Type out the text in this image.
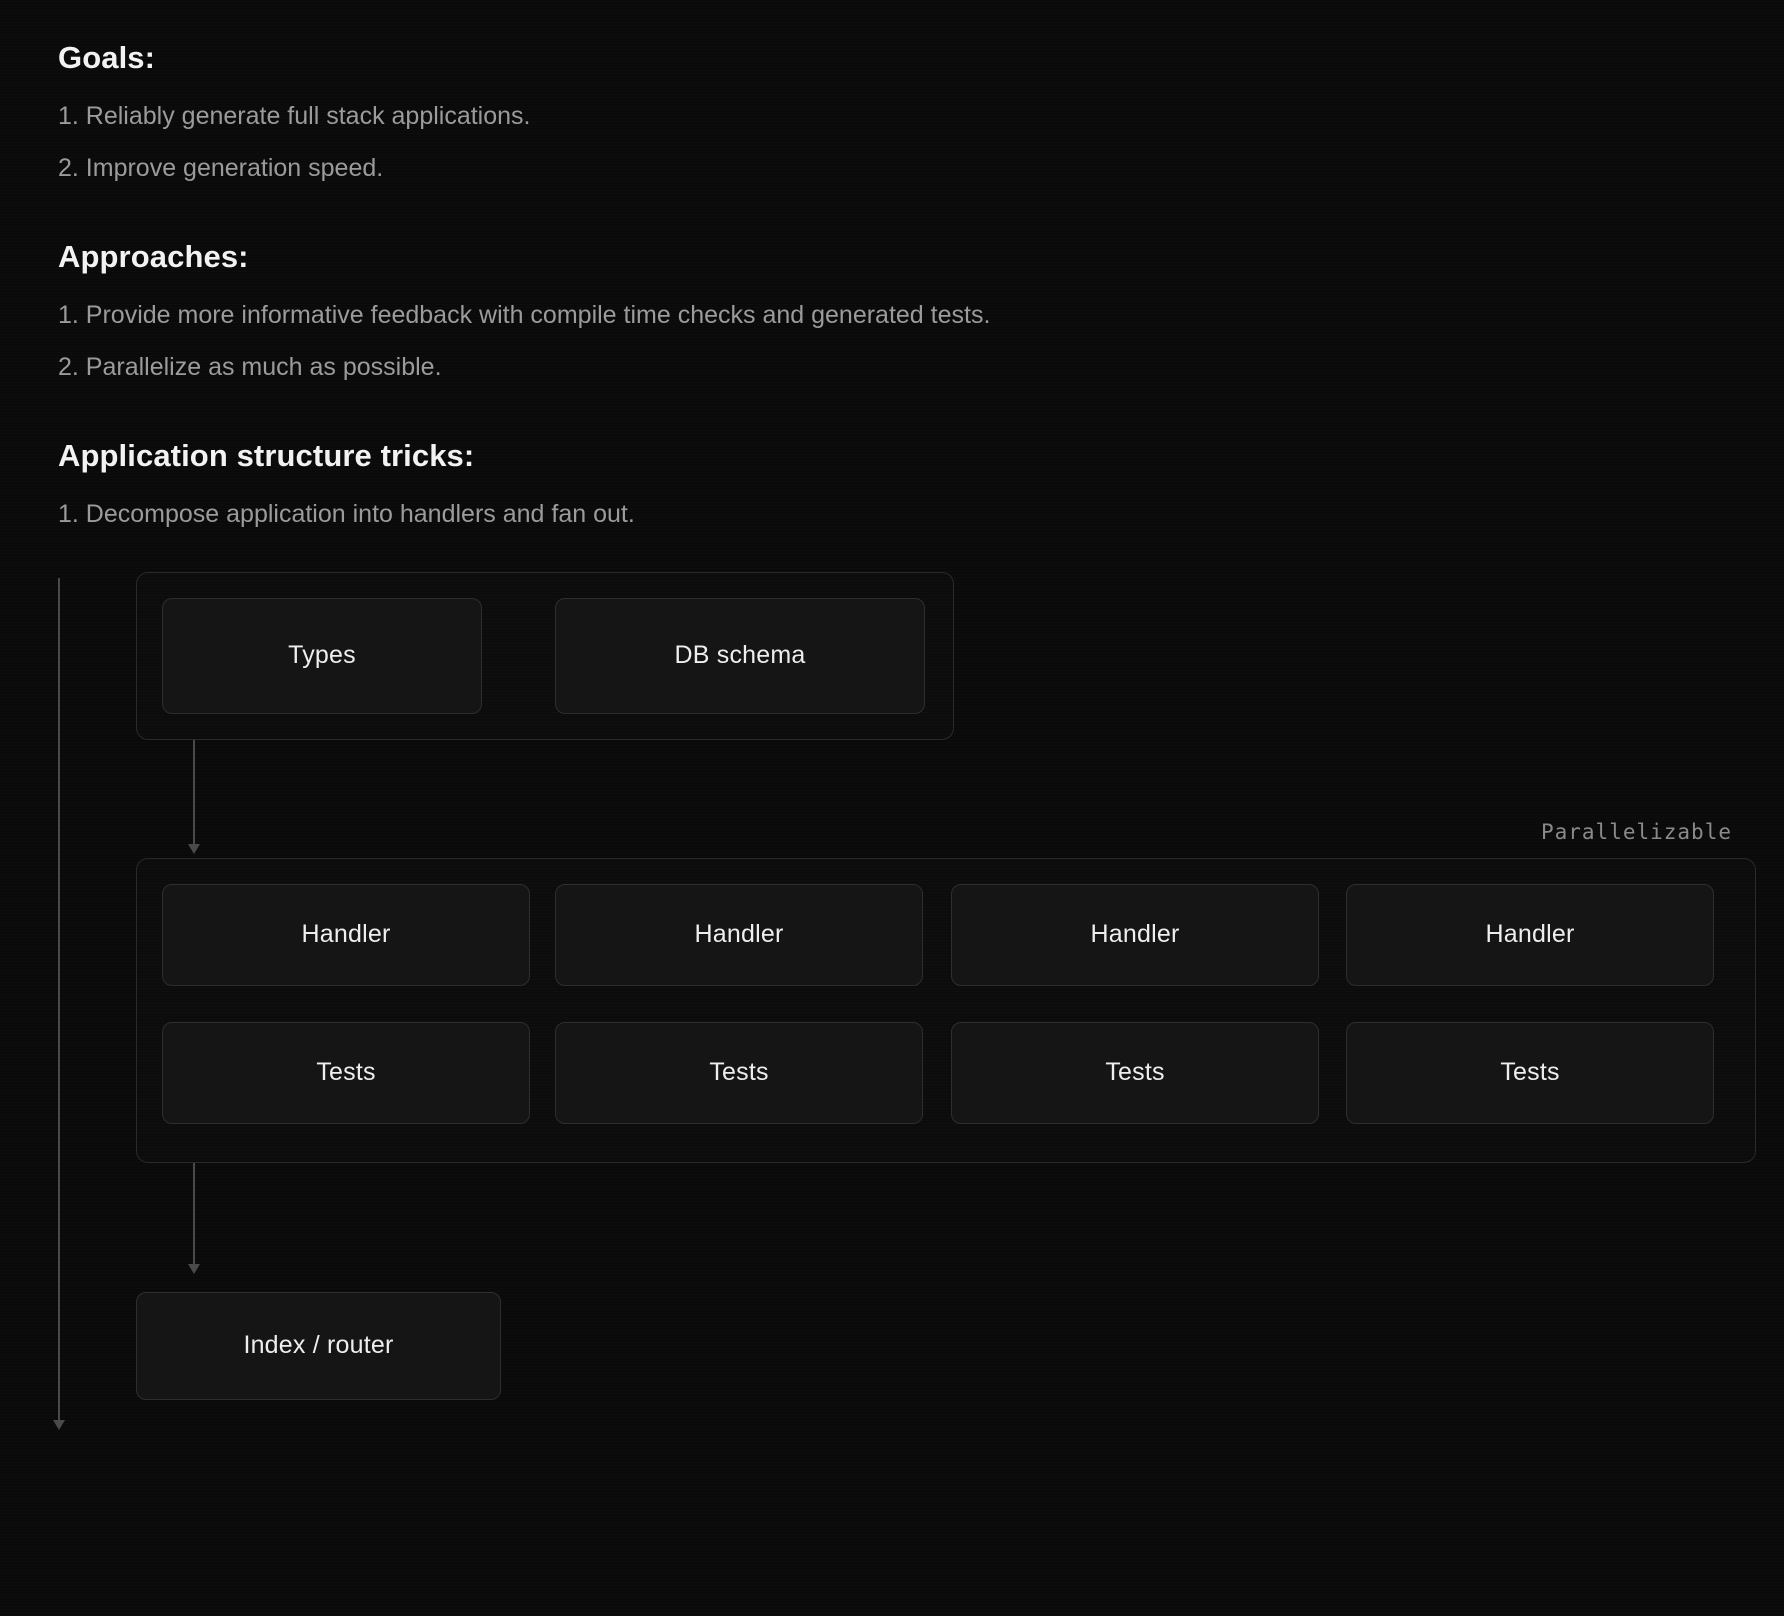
Goals:

1. Reliably generate full stack applications.

2. Improve generation speed.

Approaches:

1. Provide more informative feedback with compile time checks and generated tests.

2. Parallelize as much as possible.

Application structure tricks:

1. Decompose application into handlers and fan out.

Types	DB schema
Parallelizable
Handler	Handler	Handler	Handler
Tests	Tests	Tests	Tests
Index / router
